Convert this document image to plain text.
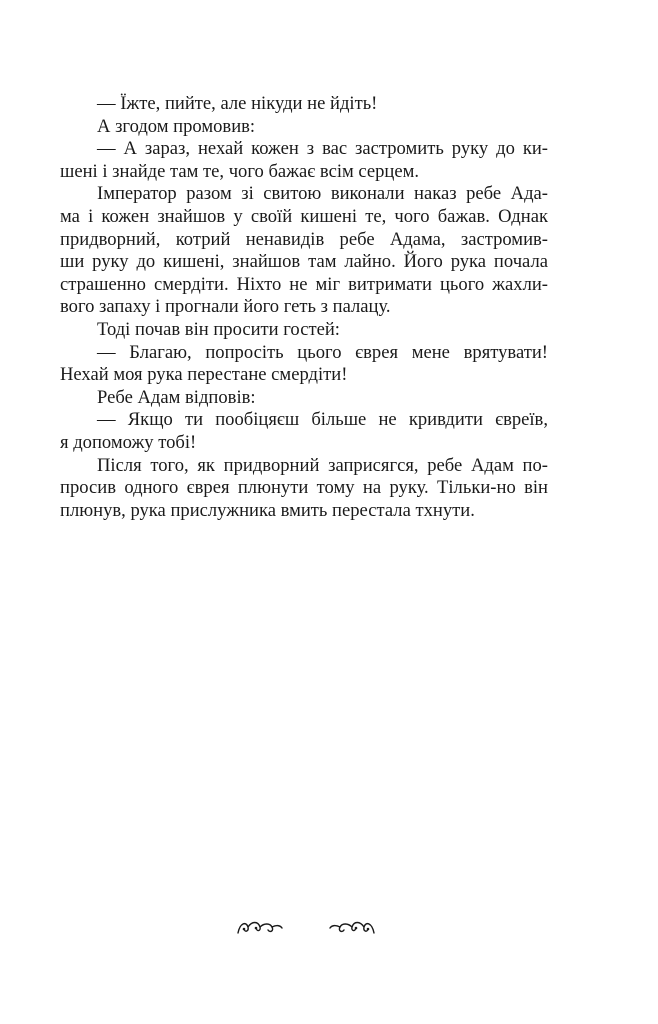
— Їжте, пийте, але нікуди не йдіть!
А згодом промовив:
— А зараз, нехай кожен з вас застромить руку до ки-
шені і знайде там те, чого бажає всім серцем.
Імператор разом зі свитою виконали наказ ребе Ада-
ма і кожен знайшов у своїй кишені те, чого бажав. Однак
придворний, котрий ненавидів ребе Адама, застромив-
ши руку до кишені, знайшов там лайно. Його рука почала
страшенно смердіти. Ніхто не міг витримати цього жахли-
вого запаху і прогнали його геть з палацу.
Тоді почав він просити гостей:
— Благаю, попросіть цього єврея мене врятувати!
Нехай моя рука перестане смердіти!
Ребе Адам відповів:
— Якщо ти пообіцяєш більше не кривдити євреїв,
я допоможу тобі!
Після того, як придворний заприсягся, ребе Адам по-
просив одного єврея плюнути тому на руку. Тільки-но він
плюнув, рука прислужника вмить перестала тхнути.
